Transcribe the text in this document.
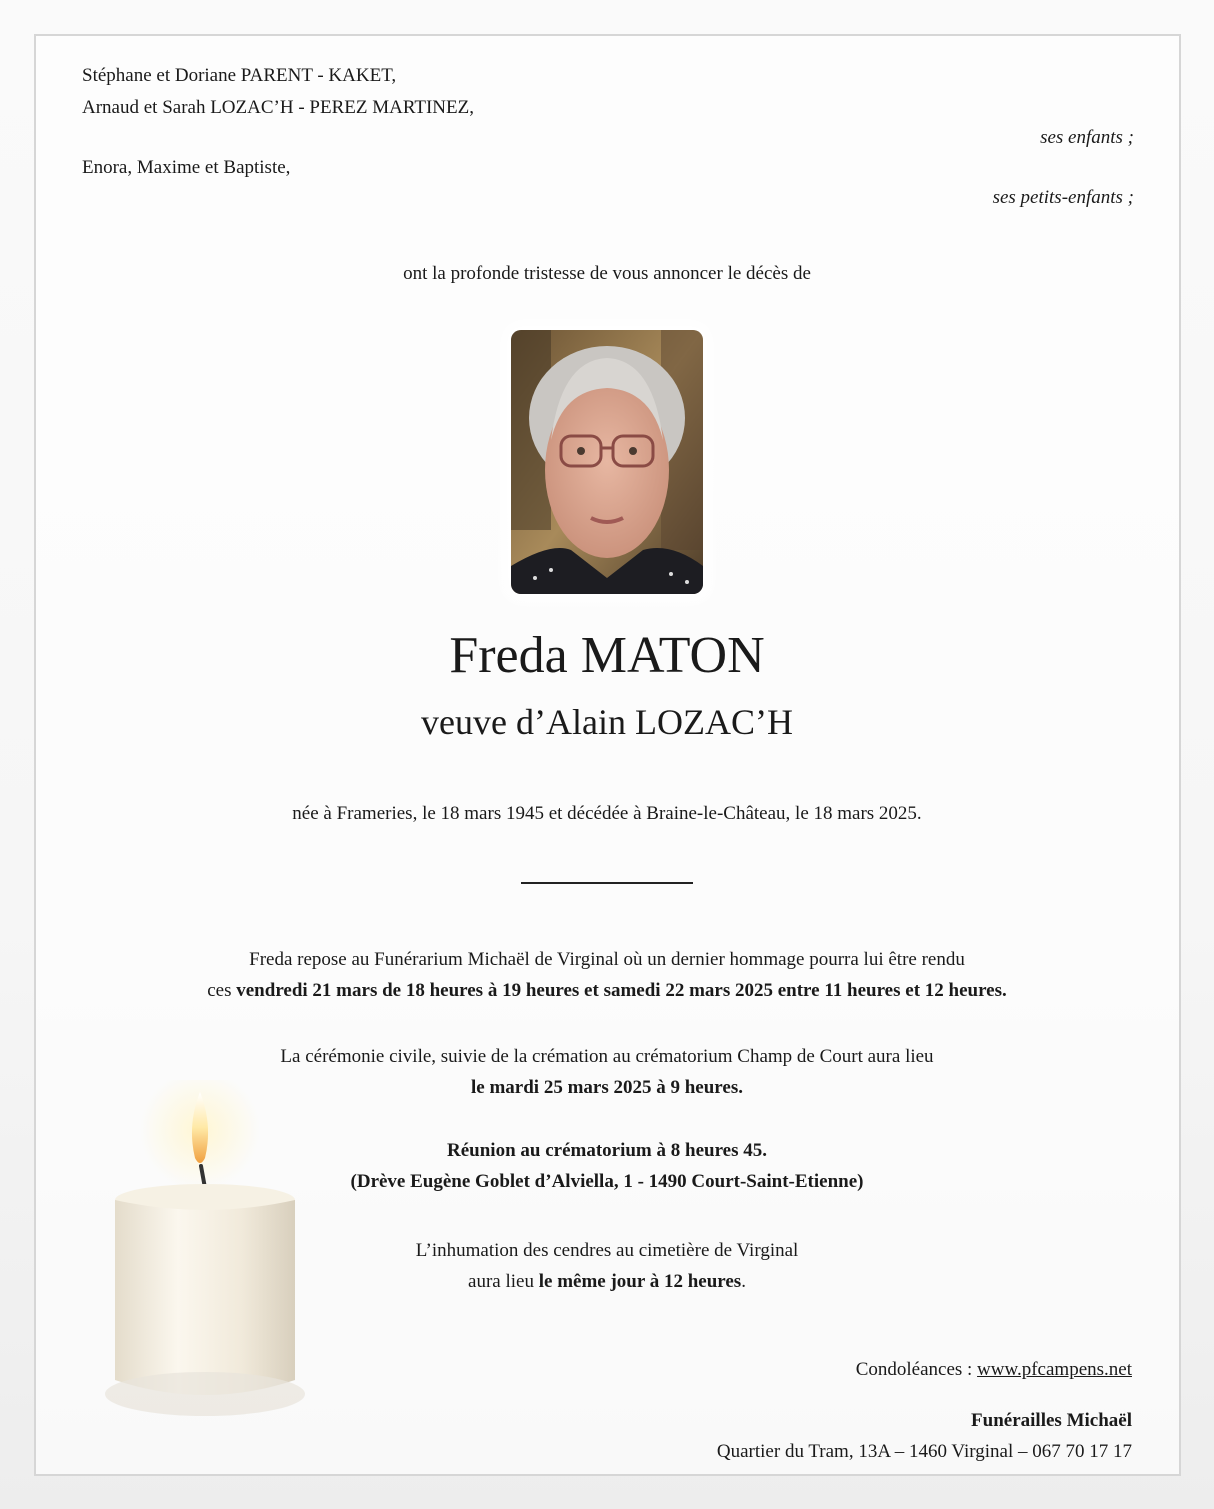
Stéphane et Doriane PARENT - KAKET,
Arnaud et Sarah LOZAC’H - PEREZ MARTINEZ,
ses enfants ;
Enora, Maxime et Baptiste,
ses petits-enfants ;
ont la profonde tristesse de vous annoncer le décès de
Freda MATON
veuve d’Alain LOZAC’H
née à Frameries, le 18 mars 1945 et décédée à Braine-le-Château, le 18 mars 2025.
Freda repose au Funérarium Michaël de Virginal où un dernier hommage pourra lui être rendu
ces vendredi 21 mars de 18 heures à 19 heures et samedi 22 mars 2025 entre 11 heures et 12 heures.
La cérémonie civile, suivie de la crémation au crématorium Champ de Court aura lieu
le mardi 25 mars 2025 à 9 heures.
Réunion au crématorium à 8 heures 45.
(Drève Eugène Goblet d’Alviella, 1 - 1490 Court-Saint-Etienne)
L’inhumation des cendres au cimetière de Virginal
aura lieu le même jour à 12 heures.
Condoléances : www.pfcampens.net
Funérailles Michaël
Quartier du Tram, 13A – 1460 Virginal – 067 70 17 17
